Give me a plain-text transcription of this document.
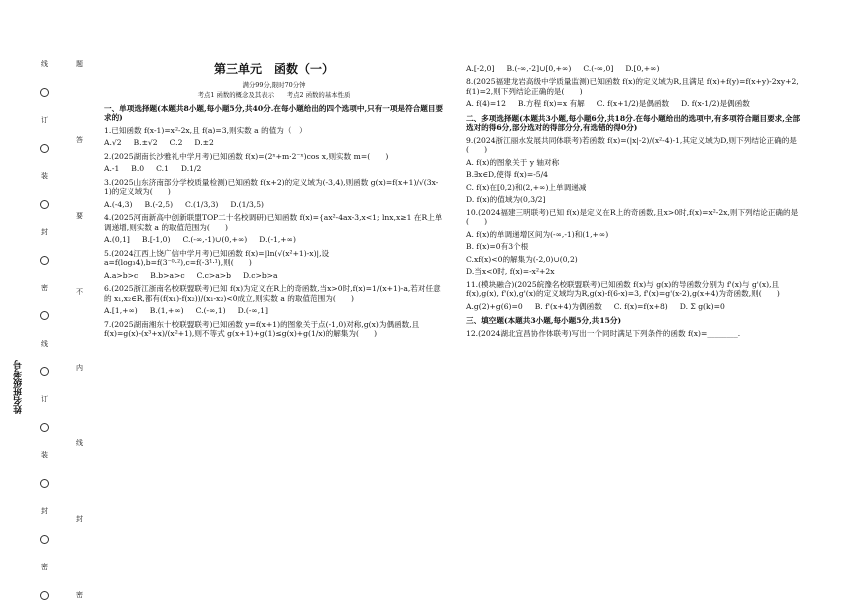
线
订
装
封
密
线
订
装
封
密
题
答
要
不
内
线
封
密
姓名班级考号
第三单元　函数（一）
满分99分,限时70分钟
考点1 函数的概念及其表示　　考点2 函数的基本性质

一、单项选择题(本题共8小题,每小题5分,共40分.在每小题给出的四个选项中,只有一项是符合题目要求的)

1.已知函数 f(x-1)=x²-2x,且 f(a)=3,则实数 a 的值为（　）

A.√2 B.±√2 C.2 D.±2

2.(2025湖南长沙雅礼中学月考)已知函数 f(x)=(2ˣ+m·2⁻ˣ)cos x,则实数 m=(　　)

A.-1 B.0 C.1 D.1/2

3.(2025山东济南部分学校质量检测)已知函数 f(x+2)的定义域为(-3,4),则函数 g(x)=f(x+1)/√(3x-1)的定义域为(　　)

A.(-4,3) B.(-2,5) C.(1/3,3) D.(1/3,5)

4.(2025河南新高中创新联盟TOP二十名校调研)已知函数 f(x)={ax²-4ax-3,x<1; lnx,x≥1 在R上单调递增,则实数 a 的取值范围为(　　)

A.(0,1] B.[-1,0) C.(-∞,-1)∪(0,+∞) D.(-1,+∞)

5.(2024江西上饶广信中学月考)已知函数 f(x)=|ln(√(x²+1)-x)|,设 a=f(log₃4),b=f(3⁻⁰·²),c=f(-3¹·¹),则(　　)

A.a>b>c B.b>a>c C.c>a>b D.c>b>a

6.(2025浙江浙南名校联盟联考)已知 f(x)为定义在R上的奇函数,当x>0时,f(x)=1/(x+1)-a,若对任意的 x₁,x₂∈R,都有(f(x₁)-f(x₂))/(x₁-x₂)<0成立,则实数 a 的取值范围为(　　)

A.[1,+∞) B.(1,+∞) C.(-∞,1) D.(-∞,1]

7.(2025湖南湘东十校联盟联考)已知函数 y=f(x+1)的图象关于点(-1,0)对称,g(x)为偶函数,且 f(x)=g(x)-(x³+x)/(x²+1),则不等式 g(x+1)+g(1)≤g(x)+g(1/x)的解集为(　　)

A.[-2,0] B.(-∞,-2]∪[0,+∞) C.(-∞,0] D.[0,+∞)

8.(2025福建龙岩高级中学质量监测)已知函数 f(x)的定义域为R,且满足 f(x)+f(y)=f(x+y)-2xy+2, f(1)=2,则下列结论正确的是(　　)

A. f(4)=12 B.方程 f(x)=x 有解 C. f(x+1/2)是偶函数 D. f(x-1/2)是偶函数

二、多项选择题(本题共3小题,每小题6分,共18分.在每小题给出的选项中,有多项符合题目要求,全部选对的得6分,部分选对的得部分分,有选错的得0分)

9.(2024浙江丽水发展共同体联考)若函数 f(x)=(|x|-2)/(x²-4)-1,其定义域为D,则下列结论正确的是(　　)

A. f(x)的图象关于 y 轴对称

B.∃x∈D,使得 f(x)=-5/4

C. f(x)在[0,2)和(2,+∞)上单调递减

D. f(x)的值域为(0,3/2]

10.(2024福建三明联考)已知 f(x)是定义在R上的奇函数,且x>0时,f(x)=x²-2x,则下列结论正确的是(　　)

A. f(x)的单调递增区间为(-∞,-1)和(1,+∞)

B. f(x)=0有3个根

C.xf(x)<0的解集为(-2,0)∪(0,2)

D.当x<0时, f(x)=-x²+2x

11.(模块融合)(2025皖豫名校联盟联考)已知函数 f(x)与 g(x)的导函数分别为 f'(x)与 g'(x),且 f(x),g(x), f'(x),g'(x)的定义域均为R,g(x)-f(6-x)=3, f'(x)=g'(x-2),g(x+4)为奇函数,则(　　)

A.g(2)+g(6)=0 B. f'(x+4)为偶函数 C. f(x)=f(x+8) D. Σ g(k)=0

三、填空题(本题共3小题,每小题5分,共15分)

12.(2024湖北宜昌协作体联考)写出一个同时满足下列条件的函数 f(x)=________.
